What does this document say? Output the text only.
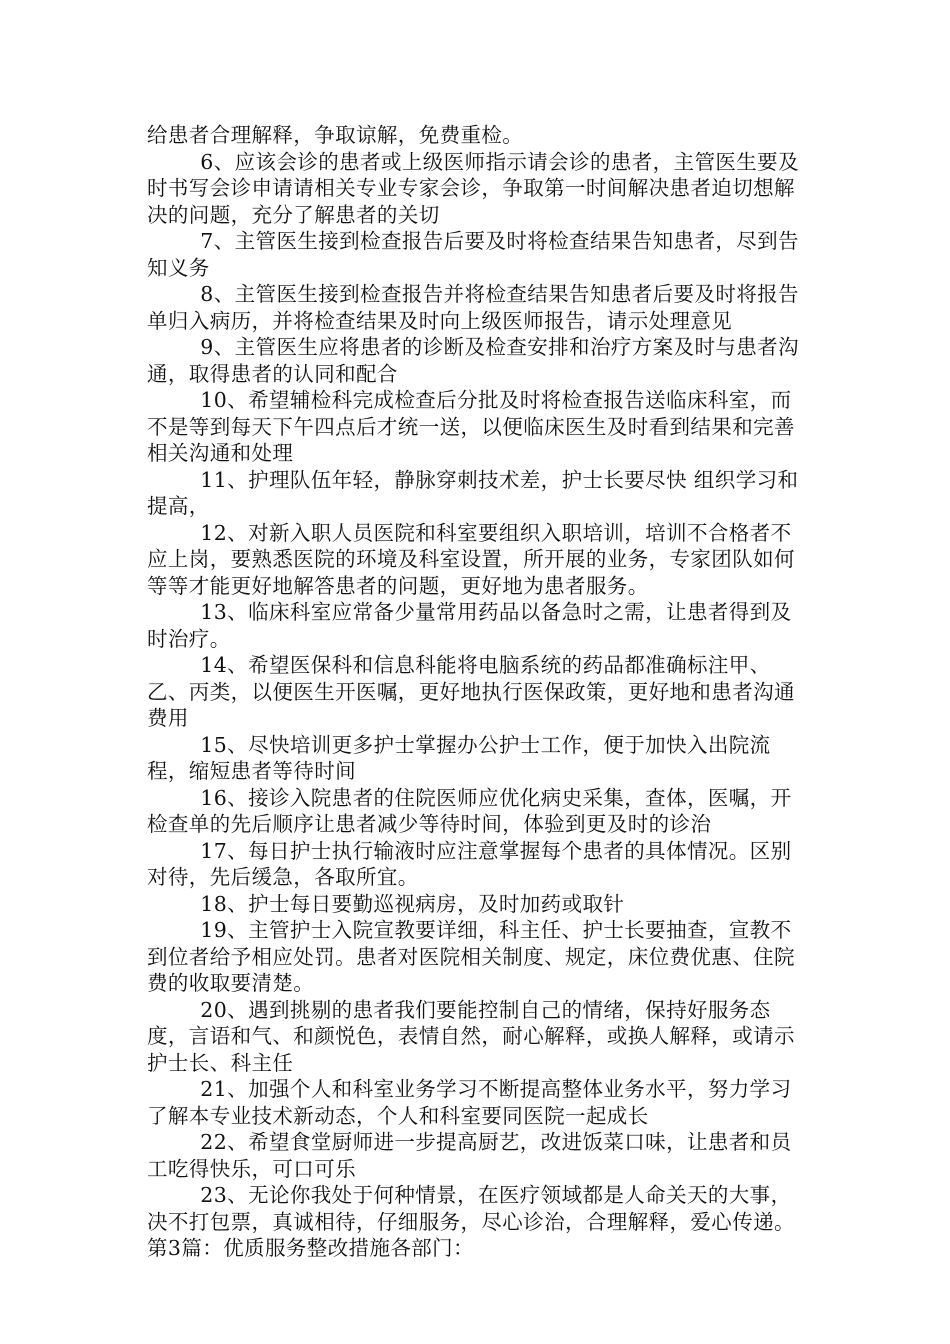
给患者合理解释，争取谅解，免费重检。

6、应该会诊的患者或上级医师指示请会诊的患者，主管医生要及时书写会诊申请请相关专业专家会诊，争取第一时间解决患者迫切想解决的问题，充分了解患者的关切

7、主管医生接到检查报告后要及时将检查结果告知患者，尽到告知义务

8、主管医生接到检查报告并将检查结果告知患者后要及时将报告单归入病历，并将检查结果及时向上级医师报告，请示处理意见

9、主管医生应将患者的诊断及检查安排和治疗方案及时与患者沟通，取得患者的认同和配合

10、希望辅检科完成检查后分批及时将检查报告送临床科室，而不是等到每天下午四点后才统一送，以便临床医生及时看到结果和完善相关沟通和处理

11、护理队伍年轻，静脉穿刺技术差，护士长要尽快 组织学习和提高，

12、对新入职人员医院和科室要组织入职培训，培训不合格者不应上岗，要熟悉医院的环境及科室设置，所开展的业务，专家团队如何等等才能更好地解答患者的问题，更好地为患者服务。

13、临床科室应常备少量常用药品以备急时之需，让患者得到及时治疗。

14、希望医保科和信息科能将电脑系统的药品都准确标注甲、乙、丙类，以便医生开医嘱，更好地执行医保政策，更好地和患者沟通费用

15、尽快培训更多护士掌握办公护士工作，便于加快入出院流程，缩短患者等待时间

16、接诊入院患者的住院医师应优化病史采集，查体，医嘱，开检查单的先后顺序让患者减少等待时间，体验到更及时的诊治

17、每日护士执行输液时应注意掌握每个患者的具体情况。区别对待，先后缓急，各取所宜。

18、护士每日要勤巡视病房，及时加药或取针

19、主管护士入院宣教要详细，科主任、护士长要抽查，宣教不到位者给予相应处罚。患者对医院相关制度、规定，床位费优惠、住院费的收取要清楚。

20、遇到挑剔的患者我们要能控制自己的情绪，保持好服务态度，言语和气、和颜悦色，表情自然，耐心解释，或换人解释，或请示护士长、科主任

21、加强个人和科室业务学习不断提高整体业务水平，努力学习了解本专业技术新动态，个人和科室要同医院一起成长

22、希望食堂厨师进一步提高厨艺，改进饭菜口味，让患者和员工吃得快乐，可口可乐

23、无论你我处于何种情景，在医疗领域都是人命关天的大事，决不打包票，真诚相待，仔细服务，尽心诊治，合理解释，爱心传递。 第3篇：优质服务整改措施各部门：
